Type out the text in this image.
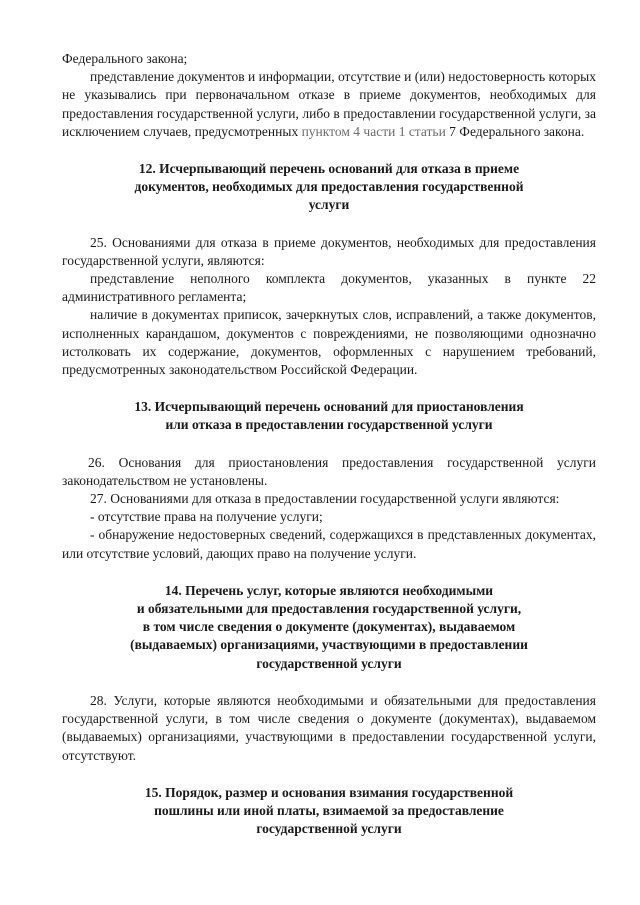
Федерального закона;

представление документов и информации, отсутствие и (или) недостоверность которых не указывались при первоначальном отказе в приеме документов, необходимых для предоставления государственной услуги, либо в предоставлении государственной услуги, за исключением случаев, предусмотренных пунктом 4 части 1 статьи 7 Федерального закона.

12. Исчерпывающий перечень оснований для отказа в приеме документов, необходимых для предоставления государственной услуги

25. Основаниями для отказа в приеме документов, необходимых для предоставления государственной услуги, являются:

представление неполного комплекта документов, указанных в пункте 22 административного регламента;

наличие в документах приписок, зачеркнутых слов, исправлений, а также документов, исполненных карандашом, документов с повреждениями, не позволяющими однозначно истолковать их содержание, документов, оформленных с нарушением требований, предусмотренных законодательством Российской Федерации.

13. Исчерпывающий перечень оснований для приостановления или отказа в предоставлении государственной услуги

26. Основания для приостановления предоставления государственной услуги законодательством не установлены.

27. Основаниями для отказа в предоставлении государственной услуги являются:

- отсутствие права на получение услуги;

- обнаружение недостоверных сведений, содержащихся в представленных документах, или отсутствие условий, дающих право на получение услуги.

14. Перечень услуг, которые являются необходимыми

и обязательными для предоставления государственной услуги,

в том числе сведения о документе (документах), выдаваемом

(выдаваемых) организациями, участвующими в предоставлении

государственной услуги

28. Услуги, которые являются необходимыми и обязательными для предоставления государственной услуги, в том числе сведения о документе (документах), выдаваемом (выдаваемых) организациями, участвующими в предоставлении государственной услуги, отсутствуют.

15. Порядок, размер и основания взимания государственной

пошлины или иной платы, взимаемой за предоставление

государственной услуги
